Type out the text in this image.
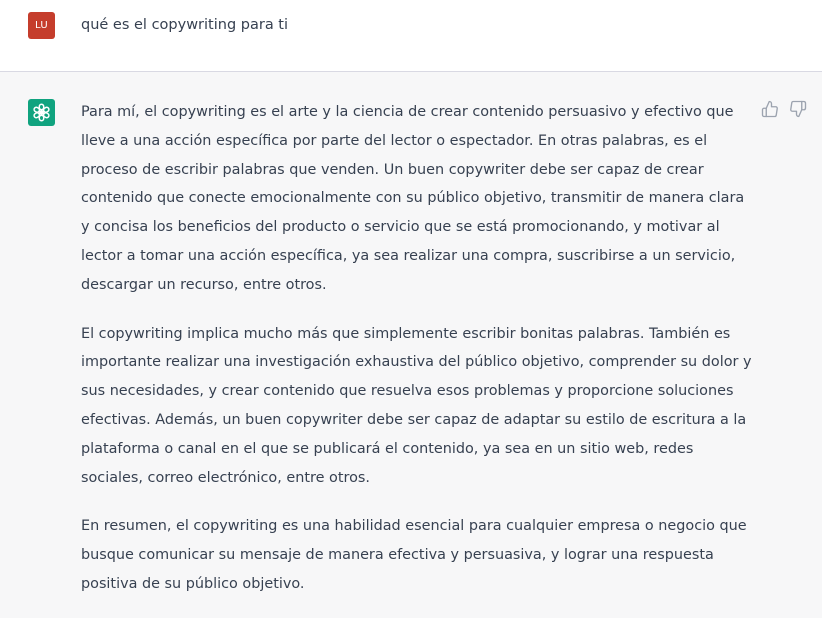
LU	qué es el copywriting para ti

Para mí, el copywriting es el arte y la ciencia de crear contenido persuasivo y efectivo que lleve a una acción específica por parte del lector o espectador. En otras palabras, es el proceso de escribir palabras que venden. Un buen copywriter debe ser capaz de crear contenido que conecte emocionalmente con su público objetivo, transmitir de manera clara y concisa los beneficios del producto o servicio que se está promocionando, y motivar al lector a tomar una acción específica, ya sea realizar una compra, suscribirse a un servicio, descargar un recurso, entre otros.

El copywriting implica mucho más que simplemente escribir bonitas palabras. También es importante realizar una investigación exhaustiva del público objetivo, comprender su dolor y sus necesidades, y crear contenido que resuelva esos problemas y proporcione soluciones efectivas. Además, un buen copywriter debe ser capaz de adaptar su estilo de escritura a la plataforma o canal en el que se publicará el contenido, ya sea en un sitio web, redes sociales, correo electrónico, entre otros.

En resumen, el copywriting es una habilidad esencial para cualquier empresa o negocio que busque comunicar su mensaje de manera efectiva y persuasiva, y lograr una respuesta positiva de su público objetivo.
